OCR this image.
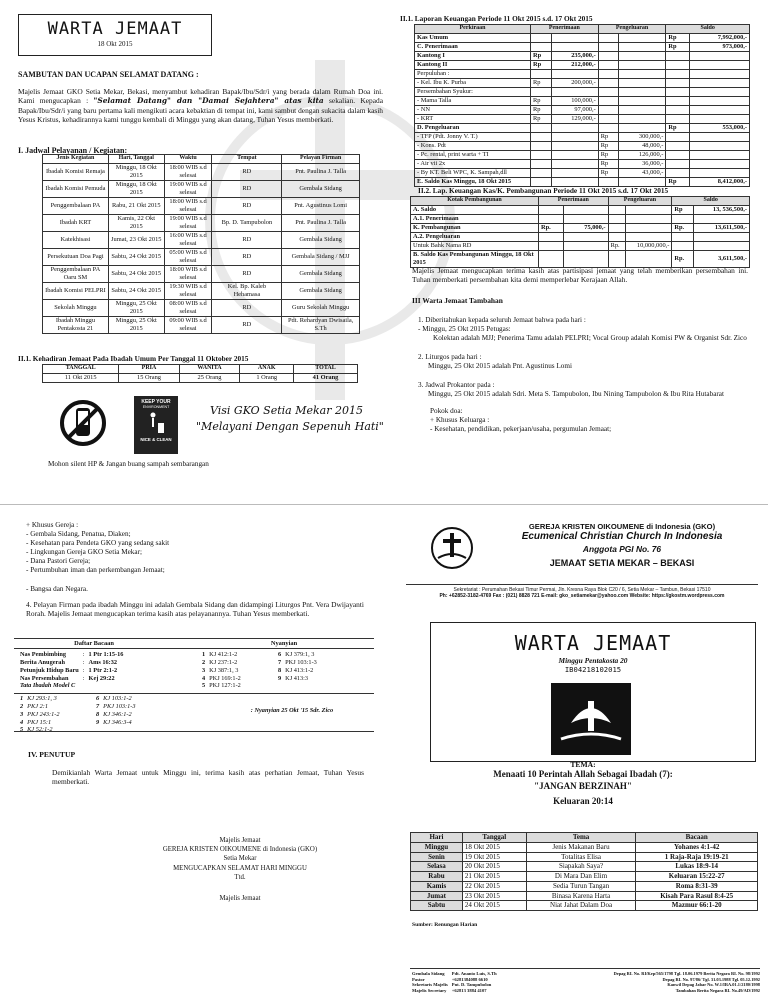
WARTA JEMAAT
18 Okt 2015
SAMBUTAN DAN UCAPAN SELAMAT DATANG :

Majelis Jemaat GKO Setia Mekar, Bekasi, menyambut kehadiran Bapak/Ibu/Sdr/i yang berada dalam Rumah Doa ini. Kami mengucapkan : "Selamat Datang" dan "Damai Sejahtera" atas kita sekalian. Kepada Bapak/Ibu/Sdr/i yang baru pertama kali mengikuti acara kebaktian di tempat ini, kami sambut dengan sukacita dalam kasih Yesus Kristus, kehadirannya kami tunggu kembali di Minggu yang akan datang, Tuhan Yesus memberkati.

I. Jadwal Pelayanan / Kegiatan:
Jenis Kegiatan	Hari, Tanggal	Waktu	Tempat	Pelayan Firman
Ibadah Komisi Remaja	Minggu, 18 Okt 2015	18:00 WIB s.d selesai	RD	Pnt. Paulina J. Talla
Ibadah Komisi Pemuda	Minggu, 18 Okt 2015	19:00 WIB s.d selesai	RD	Gembala Sidang
Penggembalaan PA	Rabu, 21 Okt 2015	18:00 WIB s.d selesai	RD	Pnt. Agustinus Lomi
Ibadah KRT	Kamis, 22 Okt 2015	19:00 WIB s.d selesai	Bp. D. Tampubolon	Pnt. Paulina J. Talla
Katekhisasi	Jumat, 23 Okt 2015	16:00 WIB s.d selesai	RD	Gembala Sidang
Persekutuan Doa Pagi	Sabtu, 24 Okt 2015	05:00 WIB s.d selesai	RD	Gembala Sidang / MJJ
Penggembalaan PA Oaru SM	Sabtu, 24 Okt 2015	18:00 WIB s.d selesai	RD	Gembala Sidang
Ibadah Komisi PELPRI	Sabtu, 24 Okt 2015	19:30 WIB s.d selesai	Kel. Bp. Kaleb Hehamasa	Gembala Sidang
Sekolah Minggu	Minggu, 25 Okt 2015	08:00 WIB s.d selesai	RD	Guru Sekolah Minggu
Ibadah Minggu Pentakosta 21	Minggu, 25 Okt 2015	09:00 WIB s.d selesai	RD	Pdt. Rehardyan Dwisaila, S.Th
II.1. Kehadiran Jemaat Pada Ibadah Umum Per Tanggal 11 Oktober 2015
TANGGAL	PRIA	WANITA	ANAK	TOTAL
11 Okt 2015	15 Orang	25 Orang	1 Orang	41 Orang
KEEP YOUR
ENVIRONMENT
NICE & CLEAN
Visi GKO Setia Mekar 2015
"Melayani Dengan Sepenuh Hati"
Mohon silent HP & Jangan buang sampah sembarangan
II.1. Laporan Keuangan Periode 11 Okt 2015 s.d. 17 Okt 2015
Perkiraan	Penerimaan		Pengeluaran		Saldo	
Kas Umum					Rp	7,992,000,-
C. Penerimaan					Rp	973,000,-
Kantong I	Rp	235,000,-				
Kantong II	Rp	212,000,-				
Perpuluhan :						
- Kel. Ibu K. Purba	Rp	200,000,-				
Persembahan Syukur:						
- Mama Talla	Rp	100,000,-				
- NN	Rp	97,000,-				
- KRT	Rp	129,000,-				
D. Pengeluaran					Rp	553,000,-
- TFP (Pdt. Jonny V. T.)			Rp	300,000,-		
- Kons. Pdt			Rp	48,000,-		
- Pc. rental, print warta + TI			Rp	126,000,-		
- Air vii 2x			Rp	36,000,-		
- By KT. Beli WPC, K. Sampah,dll			Rp	43,000,-		
E. Saldo Kas Minggu, 18 Okt 2015					Rp	8,412,000,-
II.2. Lap. Keuangan Kas/K. Pembangunan Periode 11 Okt 2015 s.d. 17 Okt 2015
Kotak Pembangunan	Penerimaan		Pengeluaran		Saldo	
A. Saldo					Rp	13, 536,500,-
A.1. Penerimaan						
K. Pembangunan	Rp.	75,000,-			Rp.	13,611,500,-
A.2. Pengeluaran						
Untuk Bahk Nama RD			Rp.	10,000,000,-		
B. Saldo Kas Pembangunan Minggu, 18 Okt 2015					Rp.	3,611,500,-

Majelis Jemaat mengucapkan terima kasih atas partisipasi jemaat yang telah memberikan persembahan ini. Tuhan memberkati persembahan kita demi memperlebar Kerajaan Allah.

III Warta Jemaat Tambahan
1. Diberitahukan kepada seluruh Jemaat bahwa pada hari :
- Minggu, 25 Okt 2015 Petugas:
Kolektan adalah MJJ; Penerima Tamu adalah PELPRI; Vocal Group adalah Komisi PW & Organist Sdr. Zico
2. Liturgos pada hari :
Minggu, 25 Okt 2015 adalah Pnt. Agustinus Lomi
3. Jadwal Prokantor pada :
Minggu, 25 Okt 2015 adalah Sdri. Meta S. Tampubolon, Ibu Nining Tampubolon & Ibu Rita Hutabarat
Pokok doa:
+ Khusus Keluarga :
- Kesehatan, pendidikan, pekerjaan/usaha, pergumulan Jemaat;
+ Khusus Gereja :
- Gembala Sidang, Penatua, Diaken;
- Kesehatan para Pendeta GKO yang sedang sakit
- Lingkungan Gereja GKO Setia Mekar;
- Dana Pastori Gereja;
- Pertumbuhan iman dan perkembangan Jemaat;
- Bangsa dan Negara.

4. Pelayan Firman pada ibadah Minggu ini adalah Gembala Sidang dan didampingi Liturgos Pnt. Vera Dwijayanti Rorah. Majelis Jemaat mengucapkan terima kasih atas pelayanannya. Tuhan Yesus memberkati.

Daftar Bacaan	Nyanyian
Nas Pembimbing	:	1 Ptr 1:15-16
Berita Anugerah	:	Ams 16:32
Petunjuk Hidup Baru	:	1 Ptr 2:1-2
Nas Persembahan	:	Kej 29:22
Tata Ibadah Model C		
1	KJ 412:1-2
2	KJ 237:1-2
3	KJ 387:1, 3
4	PKJ 169:1-2
5	PKJ 127:1-2
6	KJ 379:1, 3
7	PKJ 103:1-3
8	KJ 413:1-2
9	KJ 413:3
1	KJ 293:1, 3
2	PKJ 2:1
3	PKJ 243:1-2
4	PKJ 15:1
5	KJ 52:1-2
6	KJ 103:1-2
7	PKJ 103:1-3
8	KJ 346:1-2
9	KJ 346:3-4
: Nyanyian 25 Okt '15 Sdr. Zico
IV. PENUTUP

Demikianlah Warta Jemaat untuk Minggu ini, terima kasih atas perhatian Jemaat, Tuhan Yesus memberkati.

Majelis Jemaat
GEREJA KRISTEN OIKOUMENE di Indonesia (GKO)
Setia Mekar
MENGUCAPKAN SELAMAT HARI MINGGU
Ttd.
Majelis Jemaat
GEREJA KRISTEN OIKOUMENE di Indonesia (GKO)
Ecumenical Christian Church In Indonesia
Anggota PGI No. 76
JEMAAT SETIA MEKAR – BEKASI
Sekretariat : Perumahan Bekasi Timur Permai, Jln. Kresna Raya Blok C20 / 6, Setia Mekar – Tambun, Bekasi 17510
Ph: +62852-3182-4769 Fax : (021) 8828 721 E-mail: gko_setiamekar@yahoo.com Website: https://gkostm.wordpress.com
WARTA JEMAAT
Minggu Pentakosta 20
IB04218102015
TEMA:
Menaati 10 Perintah Allah Sebagai Ibadah (7):
"JANGAN BERZINAH"
Keluaran 20:14
Hari	Tanggal	Tema	Bacaan
Minggu	18 Okt 2015	Jenis Makanan Baru	Yohanes 4:1-42
Senin	19 Okt 2015	Totalitas Elisa	1 Raja-Raja 19:19-21
Selasa	20 Okt 2015	Siapakah Saya?	Lukas 18:9-14
Rabu	21 Okt 2015	Di Mara Dan Elim	Keluaran 15:22-27
Kamis	22 Okt 2015	Sedia Turun Tangan	Roma 8:31-39
Jumat	23 Okt 2015	Binasa Karena Harta	Kisah Para Rasul 8:4-25
Sabtu	24 Okt 2015	Niat Jahat Dalam Doa	Mazmur 66:1-20
Sumber: Renungan Harian
Gembala Sidang	Pdt. Ananto Luis, S.Th
Pastor	+6281384088 6610
Sekretaris Majelis	Pnt. D. Tampubolon
Majelis Secretary	+62813 3884 4107
Depag RI. No. RI/Kep/565/1798 Tgl. 18.06.1979 Berita Negara RI. No. 98/1992
Depag RI. No. 97/86/ Tgl. 31.03.1988 Tgl. 05.12.1992
Kanwil Depag Jabar No. W.1/IRA.01.1/2180/1998
Tambahan Berita Negara RI. No.49/AD/1992
